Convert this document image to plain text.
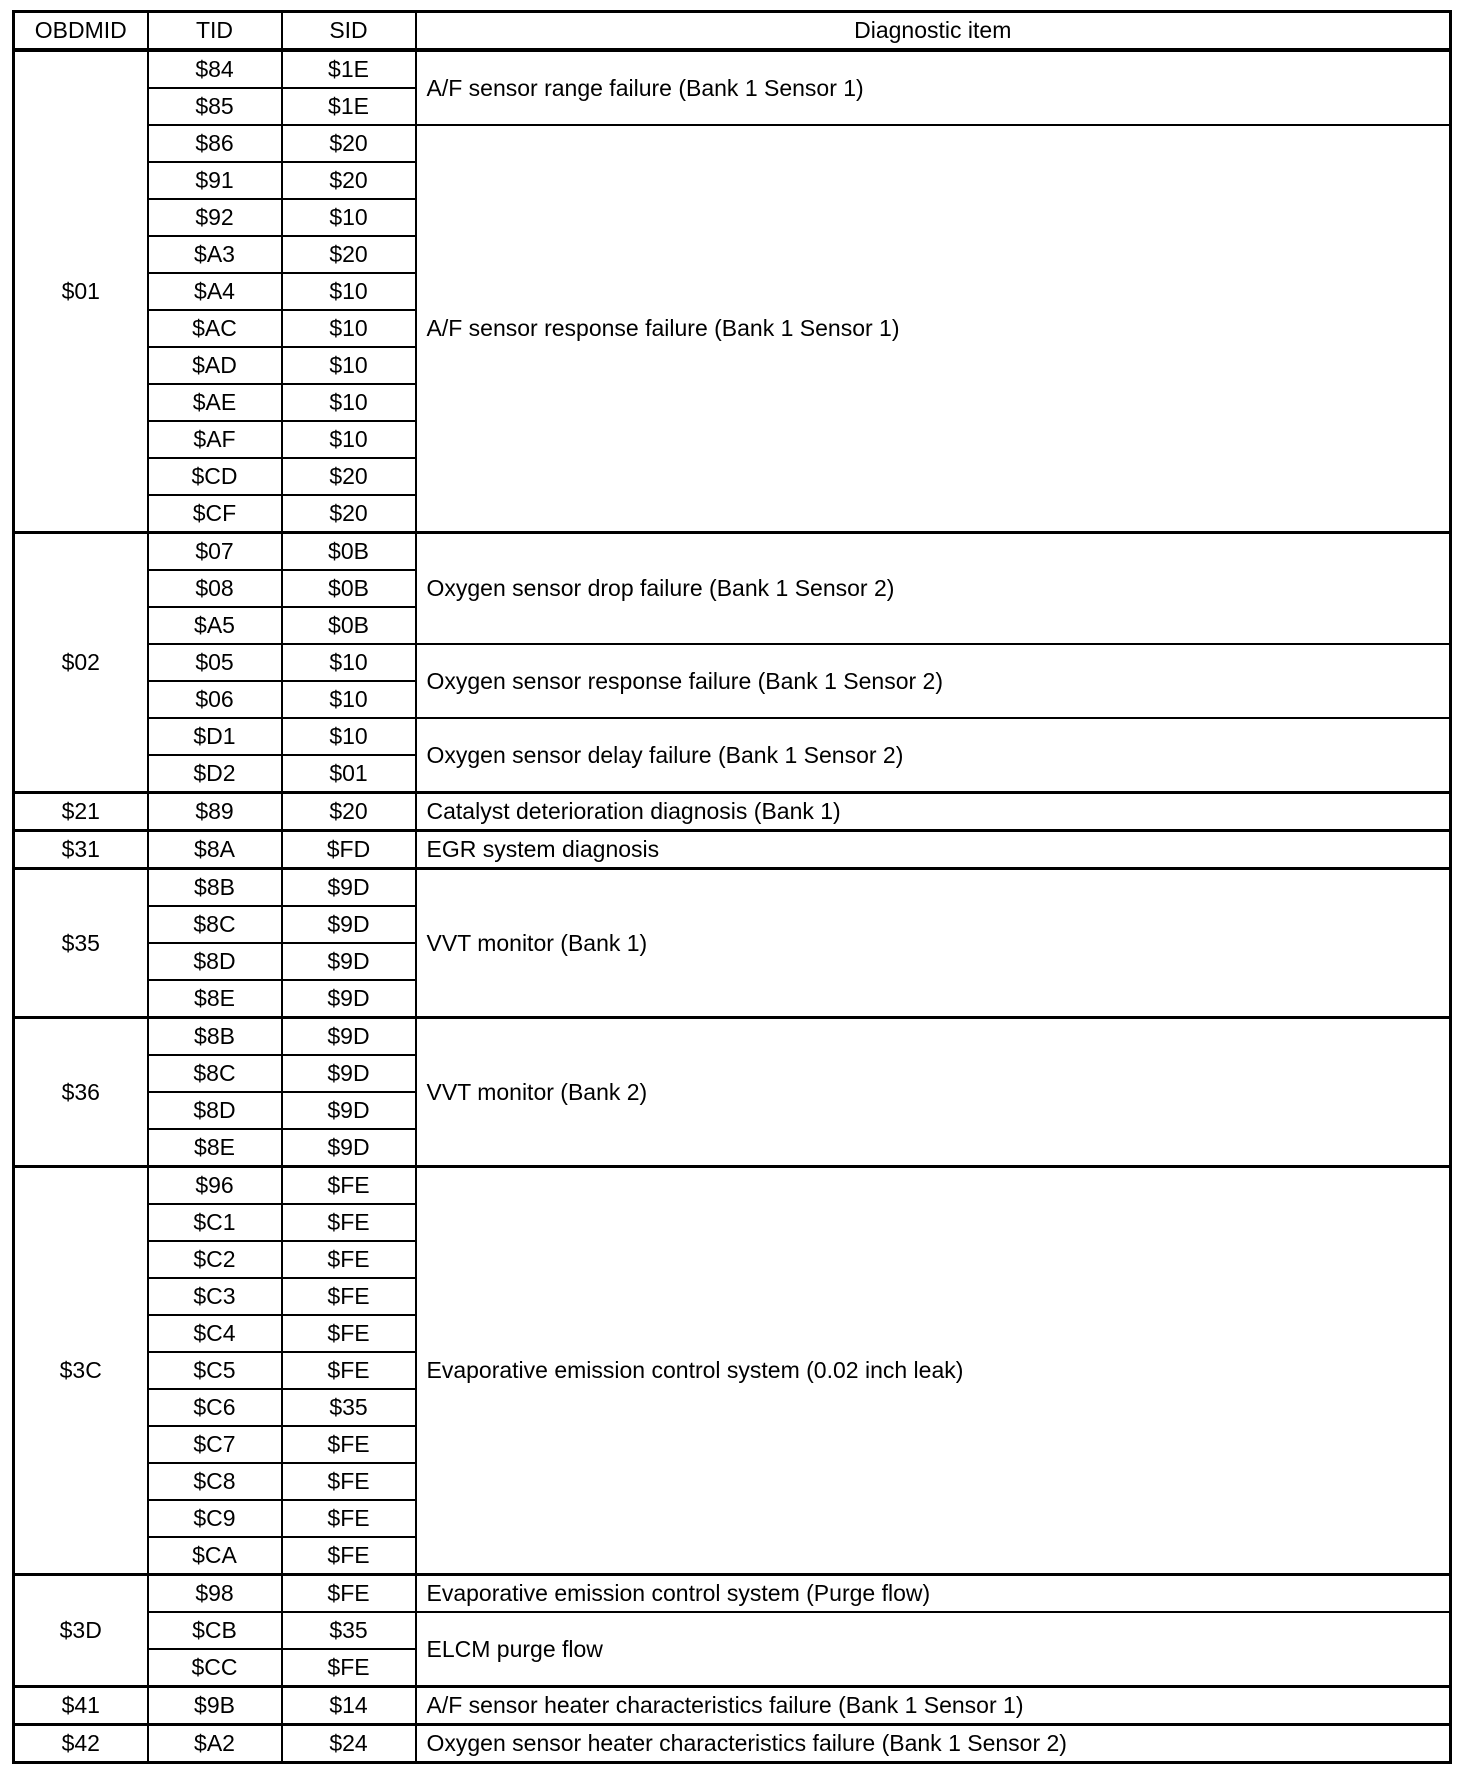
OBDMID	TID	SID	Diagnostic item
$01	$84	$1E	A/F sensor range failure (Bank 1 Sensor 1)
	$85	$1E	
	$86	$20	A/F sensor response failure (Bank 1 Sensor 1)
	$91	$20	
	$92	$10	
	$A3	$20	
	$A4	$10	
	$AC	$10	
	$AD	$10	
	$AE	$10	
	$AF	$10	
	$CD	$20	
	$CF	$20	
$02	$07	$0B	Oxygen sensor drop failure (Bank 1 Sensor 2)
	$08	$0B	
	$A5	$0B	
	$05	$10	Oxygen sensor response failure (Bank 1 Sensor 2)
	$06	$10	
	$D1	$10	Oxygen sensor delay failure (Bank 1 Sensor 2)
	$D2	$01	
$21	$89	$20	Catalyst deterioration diagnosis (Bank 1)
$31	$8A	$FD	EGR system diagnosis
$35	$8B	$9D	VVT monitor (Bank 1)
	$8C	$9D	
	$8D	$9D	
	$8E	$9D	
$36	$8B	$9D	VVT monitor (Bank 2)
	$8C	$9D	
	$8D	$9D	
	$8E	$9D	
$3C	$96	$FE	Evaporative emission control system (0.02 inch leak)
	$C1	$FE	
	$C2	$FE	
	$C3	$FE	
	$C4	$FE	
	$C5	$FE	
	$C6	$35	
	$C7	$FE	
	$C8	$FE	
	$C9	$FE	
	$CA	$FE	
$3D	$98	$FE	Evaporative emission control system (Purge flow)
	$CB	$35	ELCM purge flow
	$CC	$FE	
$41	$9B	$14	A/F sensor heater characteristics failure (Bank 1 Sensor 1)
$42	$A2	$24	Oxygen sensor heater characteristics failure (Bank 1 Sensor 2)
